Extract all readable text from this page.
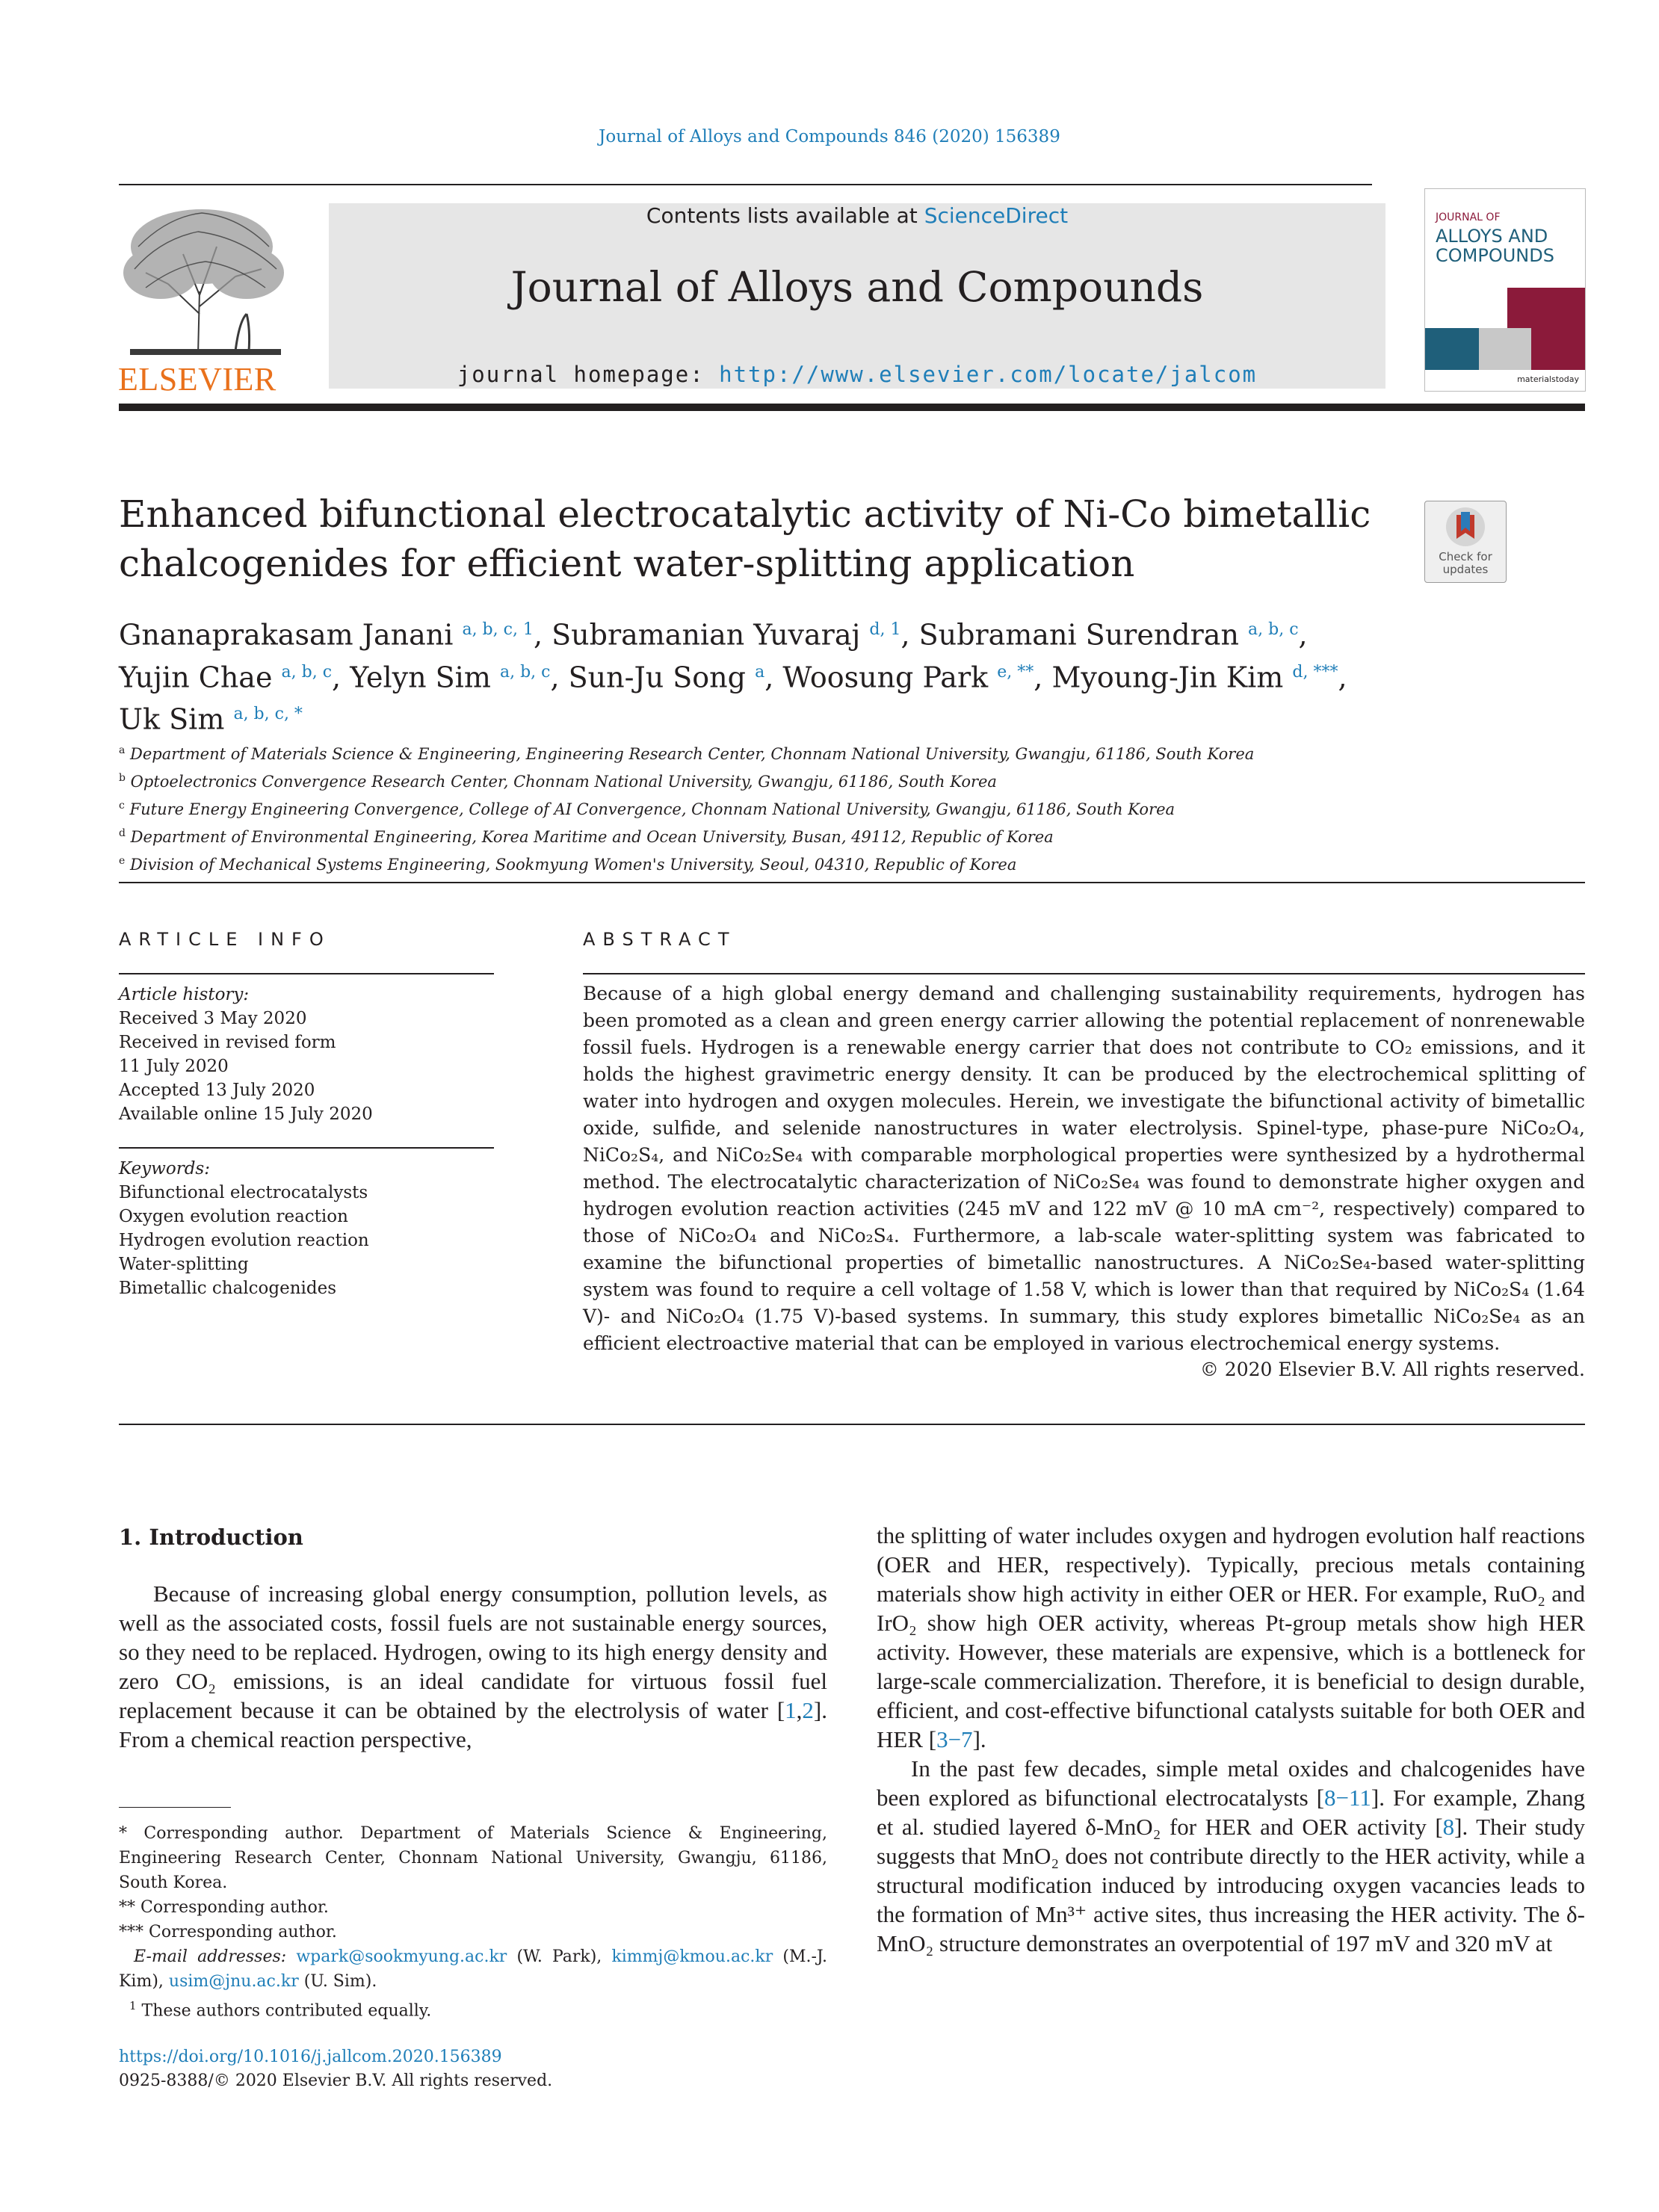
Journal of Alloys and Compounds 846 (2020) 156389
ELSEVIER
Contents lists available at ScienceDirect
Journal of Alloys and Compounds
journal homepage: http://www.elsevier.com/locate/jalcom
JOURNAL OF
ALLOYS AND
COMPOUNDS
materialstoday
Enhanced bifunctional electrocatalytic activity of Ni-Co bimetallic
chalcogenides for efficient water-splitting application	Check for
updates
Gnanaprakasam Janani $^{a, b, c, 1}$, Subramanian Yuvaraj $^{d, 1}$, Subramani Surendran $^{a, b, c}$,
Yujin Chae $^{a, b, c}$, Yelyn Sim $^{a, b, c}$, Sun-Ju Song $^a$, Woosung Park $^{e, **}$, Myoung-Jin Kim $^{d, ***}$,
Uk Sim $^{a, b, c, *}$
$^a$ Department of Materials Science & Engineering, Engineering Research Center, Chonnam National University, Gwangju, 61186, South Korea
$^b$ Optoelectronics Convergence Research Center, Chonnam National University, Gwangju, 61186, South Korea
$^c$ Future Energy Engineering Convergence, College of AI Convergence, Chonnam National University, Gwangju, 61186, South Korea
$^d$ Department of Environmental Engineering, Korea Maritime and Ocean University, Busan, 49112, Republic of Korea
$^e$ Division of Mechanical Systems Engineering, Sookmyung Women's University, Seoul, 04310, Republic of Korea
ARTICLE INFO
Article history:
Received 3 May 2020
Received in revised form
11 July 2020
Accepted 13 July 2020
Available online 15 July 2020
Keywords:
Bifunctional electrocatalysts
Oxygen evolution reaction
Hydrogen evolution reaction
Water-splitting
Bimetallic chalcogenides
ABSTRACT
Because of a high global energy demand and challenging sustainability requirements, hydrogen has been promoted as a clean and green energy carrier allowing the potential replacement of nonrenewable fossil fuels. Hydrogen is a renewable energy carrier that does not contribute to CO₂ emissions, and it holds the highest gravimetric energy density. It can be produced by the electrochemical splitting of water into hydrogen and oxygen molecules. Herein, we investigate the bifunctional activity of bimetallic oxide, sulfide, and selenide nanostructures in water electrolysis. Spinel-type, phase-pure NiCo₂O₄, NiCo₂S₄, and NiCo₂Se₄ with comparable morphological properties were synthesized by a hydrothermal method. The electrocatalytic characterization of NiCo₂Se₄ was found to demonstrate higher oxygen and hydrogen evolution reaction activities (245 mV and 122 mV @ 10 mA cm⁻², respectively) compared to those of NiCo₂O₄ and NiCo₂S₄. Furthermore, a lab-scale water-splitting system was fabricated to examine the bifunctional properties of bimetallic nanostructures. A NiCo₂Se₄-based water-splitting system was found to require a cell voltage of 1.58 V, which is lower than that required by NiCo₂S₄ (1.64 V)- and NiCo₂O₄ (1.75 V)-based systems. In summary, this study explores bimetallic NiCo₂Se₄ as an efficient electroactive material that can be employed in various electrochemical energy systems.
© 2020 Elsevier B.V. All rights reserved.
1. Introduction
Because of increasing global energy consumption, pollution levels, as well as the associated costs, fossil fuels are not sustainable energy sources, so they need to be replaced. Hydrogen, owing to its high energy density and zero CO₂ emissions, is an ideal candidate for virtuous fossil fuel replacement because it can be obtained by the electrolysis of water [1,2]. From a chemical reaction perspective,
the splitting of water includes oxygen and hydrogen evolution half reactions (OER and HER, respectively). Typically, precious metals containing materials show high activity in either OER or HER. For example, RuO₂ and IrO₂ show high OER activity, whereas Pt-group metals show high HER activity. However, these materials are expensive, which is a bottleneck for large-scale commercialization. Therefore, it is beneficial to design durable, efficient, and cost-effective bifunctional catalysts suitable for both OER and HER [3−7].
In the past few decades, simple metal oxides and chalcogenides have been explored as bifunctional electrocatalysts [8−11]. For example, Zhang et al. studied layered δ-MnO₂ for HER and OER activity [8]. Their study suggests that MnO₂ does not contribute directly to the HER activity, while a structural modification induced by introducing oxygen vacancies leads to the formation of Mn³⁺ active sites, thus increasing the HER activity. The δ-MnO₂ structure demonstrates an overpotential of 197 mV and 320 mV at
* Corresponding author. Department of Materials Science & Engineering, Engineering Research Center, Chonnam National University, Gwangju, 61186, South Korea.
** Corresponding author.
*** Corresponding author.
E-mail addresses: wpark@sookmyung.ac.kr (W. Park), kimmj@kmou.ac.kr (M.-J. Kim), usim@jnu.ac.kr (U. Sim).
$^1$ These authors contributed equally.
https://doi.org/10.1016/j.jallcom.2020.156389
0925-8388/© 2020 Elsevier B.V. All rights reserved.
